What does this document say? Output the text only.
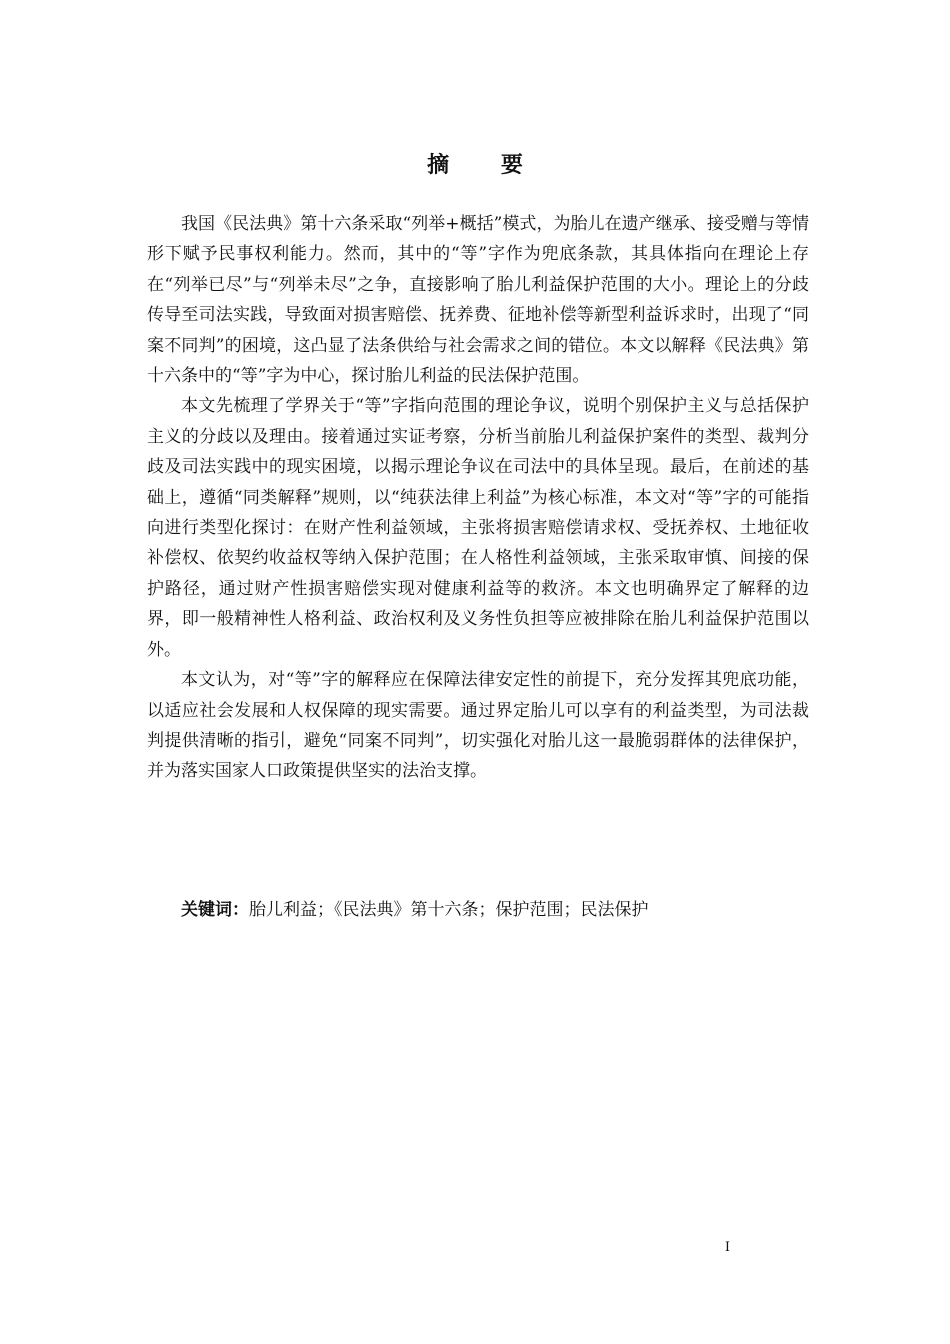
摘 要

我国《民法典》第十六条采取“列举+概括”模式，为胎儿在遗产继承、接受赠与等情形下赋予民事权利能力。然而，其中的“等”字作为兜底条款，其具体指向在理论上存在“列举已尽”与“列举未尽”之争，直接影响了胎儿利益保护范围的大小。理论上的分歧传导至司法实践，导致面对损害赔偿、抚养费、征地补偿等新型利益诉求时，出现了“同案不同判”的困境，这凸显了法条供给与社会需求之间的错位。本文以解释《民法典》第十六条中的“等”字为中心，探讨胎儿利益的民法保护范围。

本文先梳理了学界关于“等”字指向范围的理论争议，说明个别保护主义与总括保护主义的分歧以及理由。接着通过实证考察，分析当前胎儿利益保护案件的类型、裁判分歧及司法实践中的现实困境，以揭示理论争议在司法中的具体呈现。最后，在前述的基础上，遵循“同类解释”规则，以“纯获法律上利益”为核心标准，本文对“等”字的可能指向进行类型化探讨：在财产性利益领域，主张将损害赔偿请求权、受抚养权、土地征收补偿权、依契约收益权等纳入保护范围；在人格性利益领域，主张采取审慎、间接的保护路径，通过财产性损害赔偿实现对健康利益等的救济。本文也明确界定了解释的边界，即一般精神性人格利益、政治权利及义务性负担等应被排除在胎儿利益保护范围以外。

本文认为，对“等”字的解释应在保障法律安定性的前提下，充分发挥其兜底功能，以适应社会发展和人权保障的现实需要。通过界定胎儿可以享有的利益类型，为司法裁判提供清晰的指引，避免“同案不同判”，切实强化对胎儿这一最脆弱群体的法律保护，并为落实国家人口政策提供坚实的法治支撑。

关键词：胎儿利益；《民法典》第十六条；保护范围；民法保护
I
